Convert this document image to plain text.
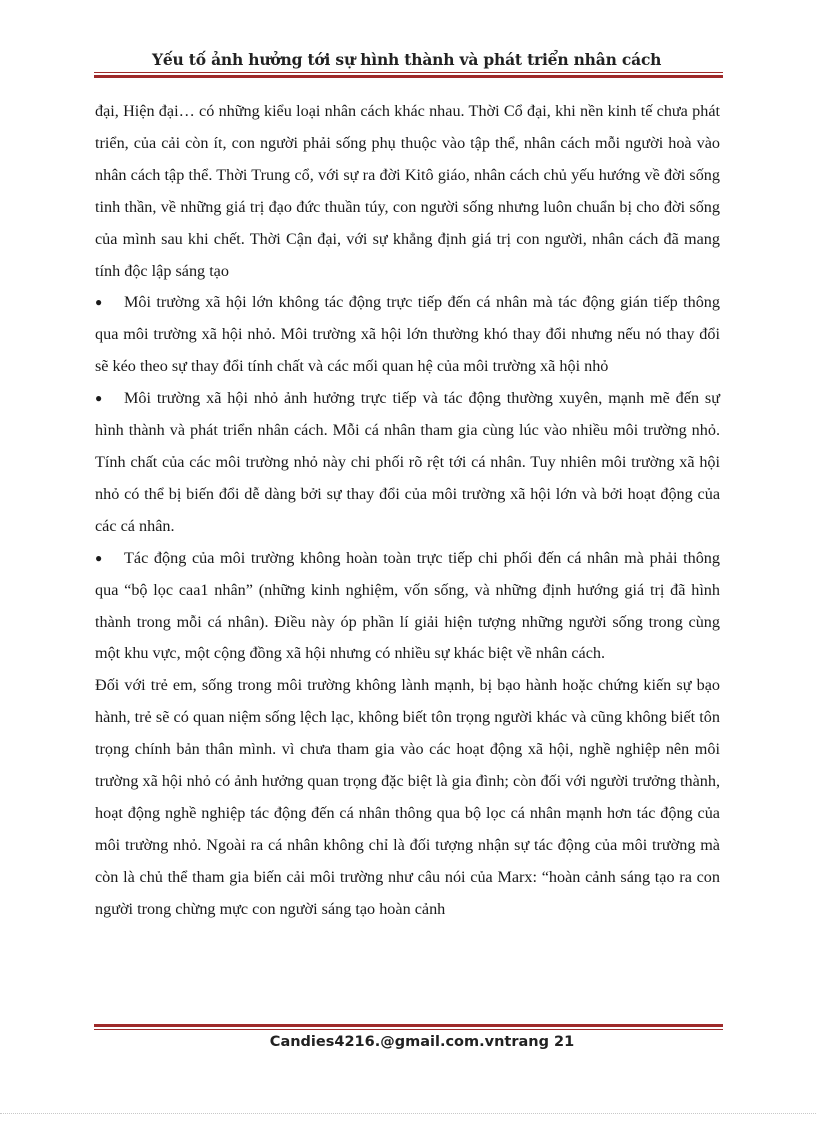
Yếu tố ảnh hưởng tới sự hình thành và phát triển nhân cách

đại, Hiện đại… có những kiểu loại nhân cách khác nhau. Thời Cổ đại, khi nền kinh tế chưa phát triển, của cải còn ít, con người phải sống phụ thuộc vào tập thể, nhân cách mỗi người hoà vào nhân cách tập thể. Thời Trung cổ, với sự ra đời Kitô giáo, nhân cách chủ yếu hướng về đời sống tinh thần, về những giá trị đạo đức thuần túy, con người sống nhưng luôn chuẩn bị cho đời sống của mình sau khi chết. Thời Cận đại, với sự khẳng định giá trị con người, nhân cách đã mang tính độc lập sáng tạo

● Môi trường xã hội lớn không tác động trực tiếp đến cá nhân mà tác động gián tiếp thông qua môi trường xã hội nhỏ. Môi trường xã hội lớn thường khó thay đổi nhưng nếu nó thay đổi sẽ kéo theo sự thay đổi tính chất và các mối quan hệ của môi trường xã hội nhỏ

● Môi trường xã hội nhỏ ảnh hưởng trực tiếp và tác động thường xuyên, mạnh mẽ đến sự hình thành và phát triển nhân cách. Mỗi cá nhân tham gia cùng lúc vào nhiều môi trường nhỏ. Tính chất của các môi trường nhỏ này chi phối rõ rệt tới cá nhân. Tuy nhiên môi trường xã hội nhỏ có thể bị biến đổi dễ dàng bởi sự thay đổi của môi trường xã hội lớn và bởi hoạt động của các cá nhân.

● Tác động của môi trường không hoàn toàn trực tiếp chi phối đến cá nhân mà phải thông qua “bộ lọc caa1 nhân” (những kinh nghiệm, vốn sống, và những định hướng giá trị đã hình thành trong mỗi cá nhân). Điều này óp phần lí giải hiện tượng những người sống trong cùng một khu vực, một cộng đồng xã hội nhưng có nhiều sự khác biệt về nhân cách.

Đối với trẻ em, sống trong môi trường không lành mạnh, bị bạo hành hoặc chứng kiến sự bạo hành, trẻ sẽ có quan niệm sống lệch lạc, không biết tôn trọng người khác và cũng không biết tôn trọng chính bản thân mình. vì chưa tham gia vào các hoạt động xã hội, nghề nghiệp nên môi trường xã hội nhỏ có ảnh hưởng quan trọng đặc biệt là gia đình; còn đối với người trưởng thành, hoạt động nghề nghiệp tác động đến cá nhân thông qua bộ lọc cá nhân mạnh hơn tác động của môi trường nhỏ. Ngoài ra cá nhân không chỉ là đối tượng nhận sự tác động của môi trường mà còn là chủ thể tham gia biến cải môi trường như câu nói của Marx: “hoàn cảnh sáng tạo ra con người trong chừng mực con người sáng tạo hoàn cảnh

Candies4216.@gmail.com.vntrang 21
